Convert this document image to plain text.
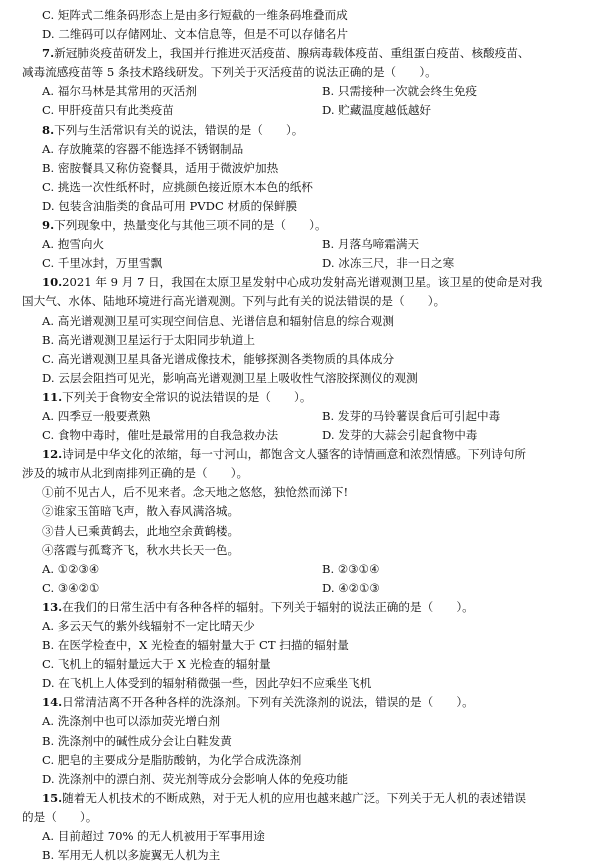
C. 矩阵式二维条码形态上是由多行短截的一维条码堆叠而成
D. 二维码可以存储网址、文本信息等，但是不可以存储名片
7.新冠肺炎疫苗研发上，我国并行推进灭活疫苗、腺病毒载体疫苗、重组蛋白疫苗、核酸疫苗、
减毒流感疫苗等 5 条技术路线研发。下列关于灭活疫苗的说法正确的是（　　）。
A. 福尔马林是其常用的灭活剂	B. 只需接种一次就会终生免疫
C. 甲肝疫苗只有此类疫苗	D. 贮藏温度越低越好
8.下列与生活常识有关的说法，错误的是（　　）。
A. 存放腌菜的容器不能选择不锈钢制品
B. 密胺餐具又称仿瓷餐具，适用于微波炉加热
C. 挑选一次性纸杯时，应挑颜色接近原木本色的纸杯
D. 包装含油脂类的食品可用 PVDC 材质的保鲜膜
9.下列现象中，热量变化与其他三项不同的是（　　）。
A. 抱雪向火	B. 月落乌啼霜满天
C. 千里冰封，万里雪飘	D. 冰冻三尺，非一日之寒
10.2021 年 9 月 7 日，我国在太原卫星发射中心成功发射高光谱观测卫星。该卫星的使命是对我
国大气、水体、陆地环境进行高光谱观测。下列与此有关的说法错误的是（　　）。
A. 高光谱观测卫星可实现空间信息、光谱信息和辐射信息的综合观测
B. 高光谱观测卫星运行于太阳同步轨道上
C. 高光谱观测卫星具备光谱成像技术，能够探测各类物质的具体成分
D. 云层会阻挡可见光，影响高光谱观测卫星上吸收性气溶胶探测仪的观测
11.下列关于食物安全常识的说法错误的是（　　）。
A. 四季豆一般要煮熟	B. 发芽的马铃薯误食后可引起中毒
C. 食物中毒时，催吐是最常用的自我急救办法	D. 发芽的大蒜会引起食物中毒
12.诗词是中华文化的浓缩，每一寸河山，都饱含文人骚客的诗情画意和浓烈情感。下列诗句所
涉及的城市从北到南排列正确的是（　　）。
①前不见古人，后不见来者。念天地之悠悠，独怆然而涕下!
②谁家玉笛暗飞声，散入春风满洛城。
③昔人已乘黄鹤去，此地空余黄鹤楼。
④落霞与孤鹜齐飞，秋水共长天一色。
A. ①②③④	B. ②③①④
C. ③④②①	D. ④②①③
13.在我们的日常生活中有各种各样的辐射。下列关于辐射的说法正确的是（　　）。
A. 多云天气的紫外线辐射不一定比晴天少
B. 在医学检查中，X 光检查的辐射量大于 CT 扫描的辐射量
C. 飞机上的辐射量远大于 X 光检查的辐射量
D. 在飞机上人体受到的辐射稍微强一些，因此孕妇不应乘坐飞机
14.日常清洁离不开各种各样的洗涤剂。下列有关洗涤剂的说法，错误的是（　　）。
A. 洗涤剂中也可以添加荧光增白剂
B. 洗涤剂中的碱性成分会让白鞋发黄
C. 肥皂的主要成分是脂肪酸钠，为化学合成洗涤剂
D. 洗涤剂中的漂白剂、荧光剂等成分会影响人体的免疫功能
15.随着无人机技术的不断成熟，对于无人机的应用也越来越广泛。下列关于无人机的表述错误
的是（　　）。
A. 目前超过 70% 的无人机被用于军事用途
B. 军用无人机以多旋翼无人机为主
